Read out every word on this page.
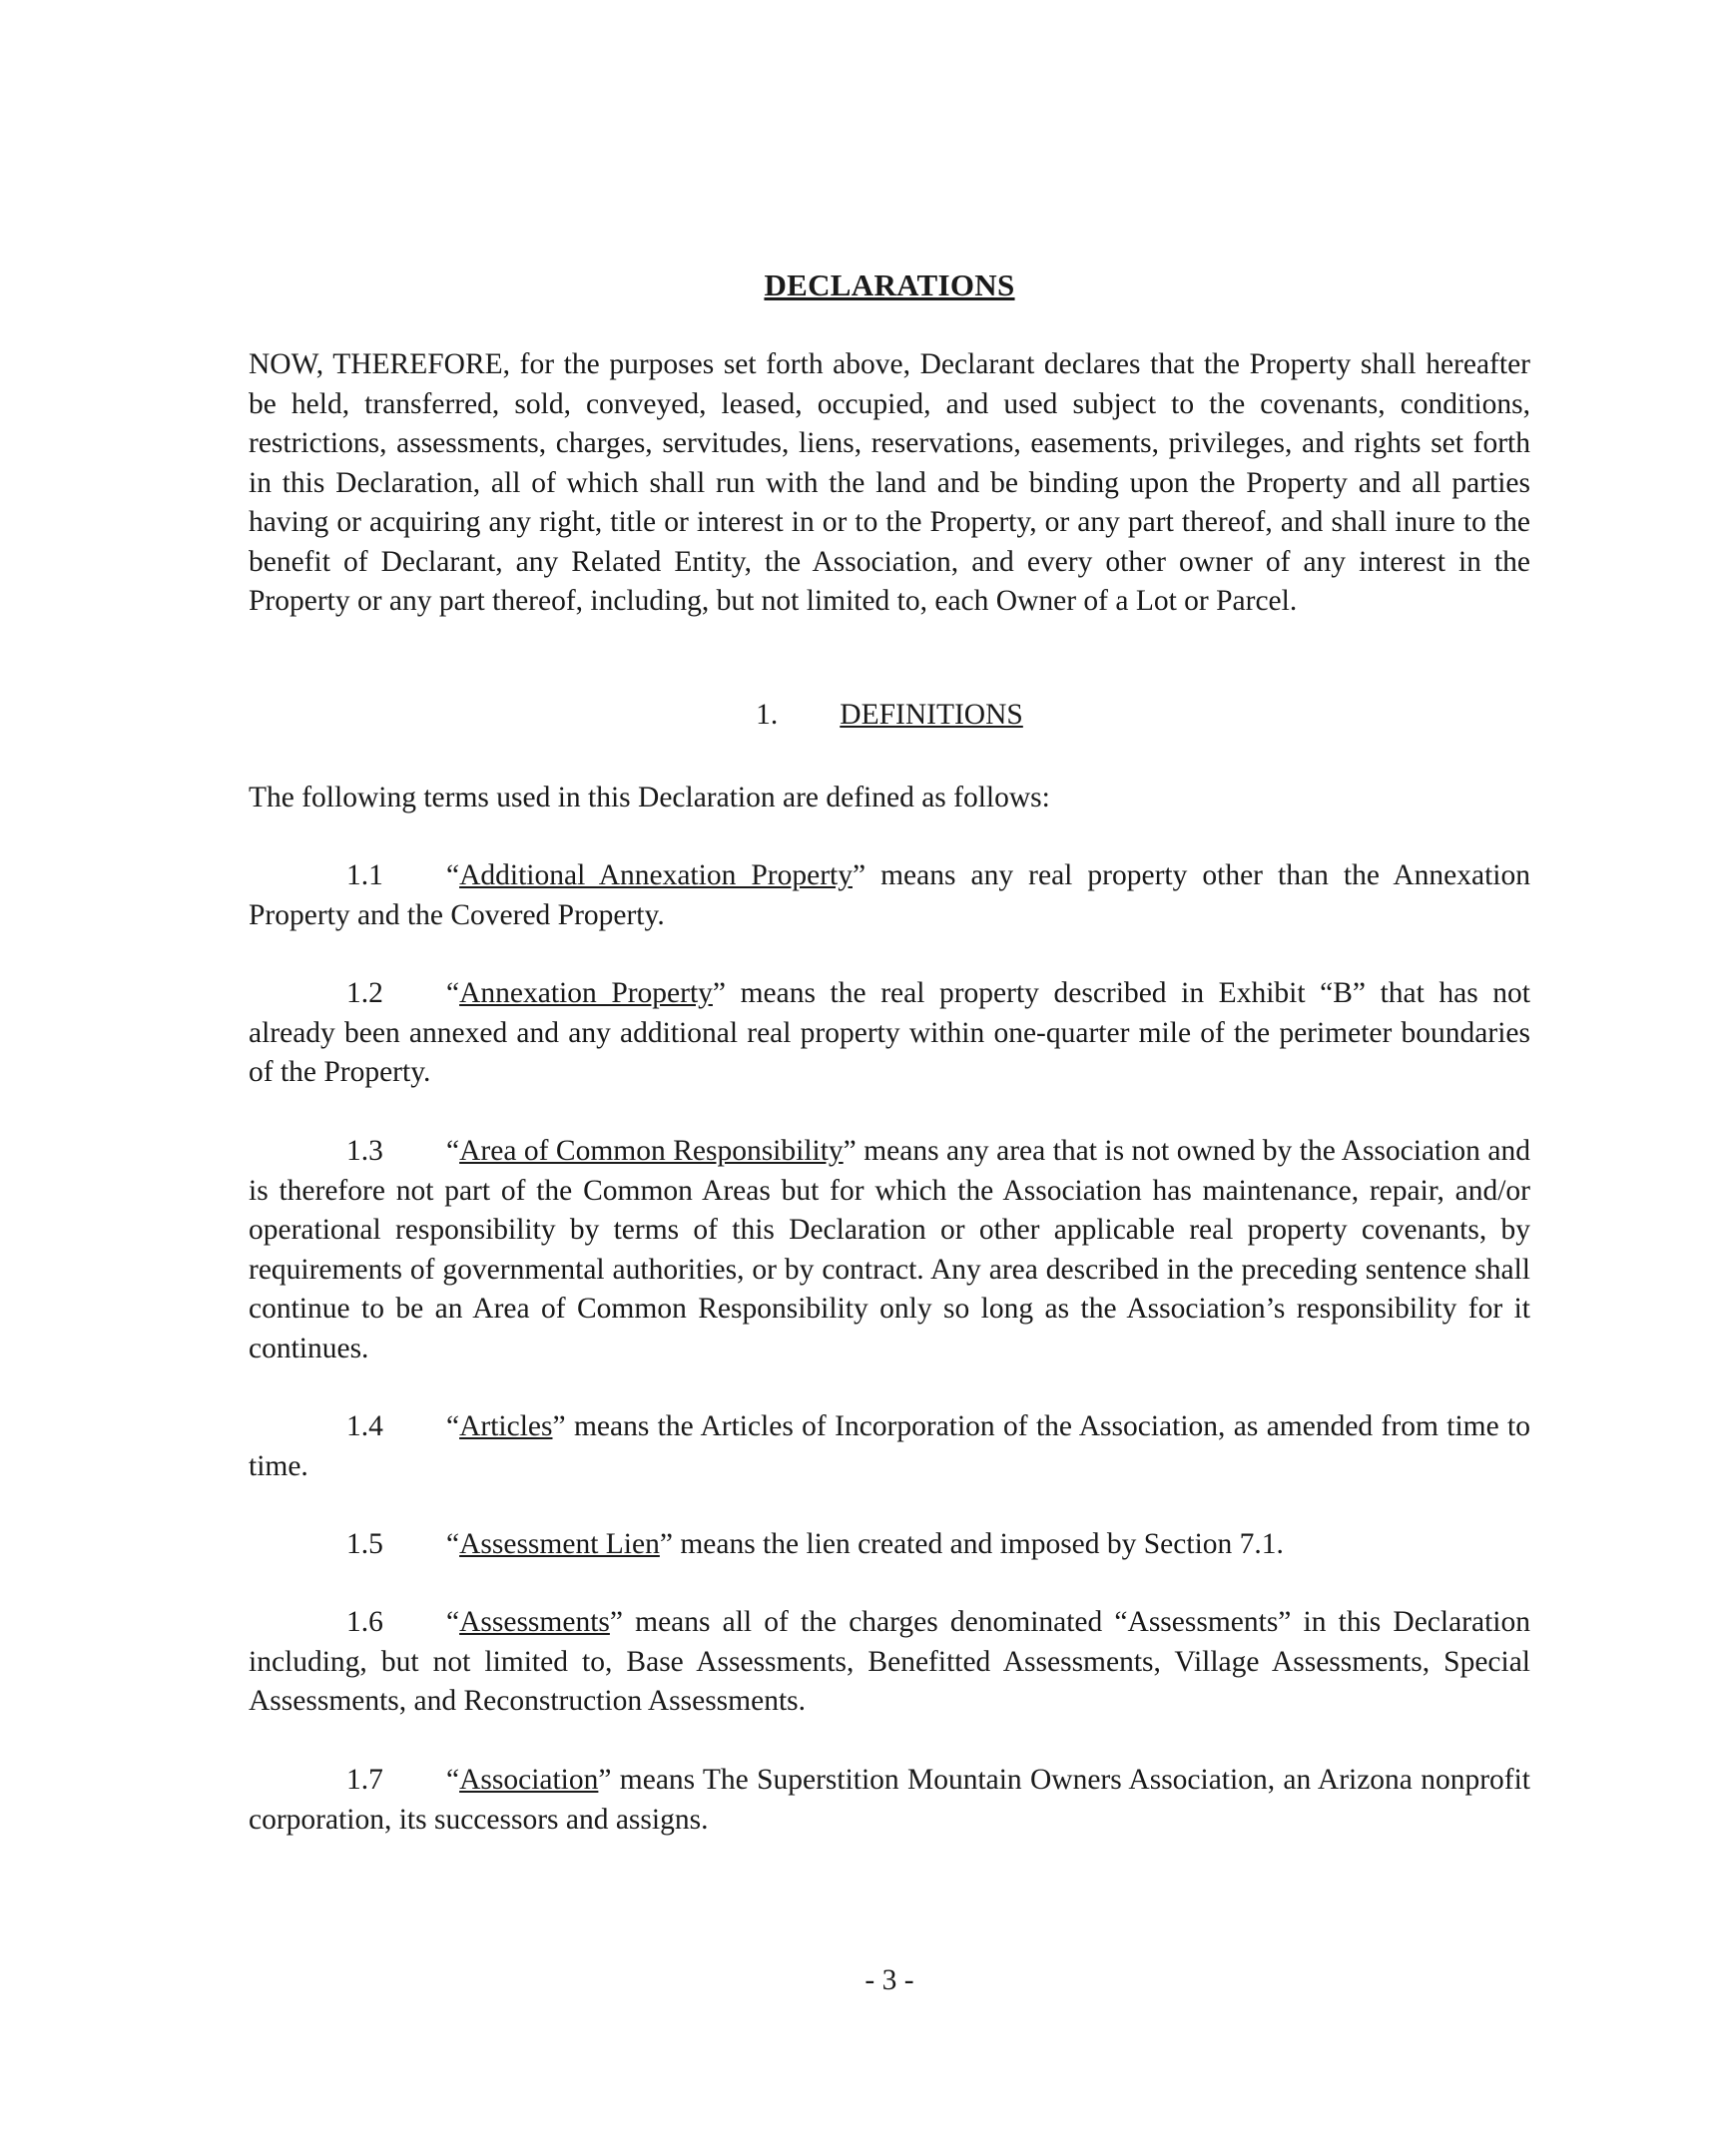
DECLARATIONS

NOW, THEREFORE, for the purposes set forth above, Declarant declares that the Property shall hereafter be held, transferred, sold, conveyed, leased, occupied, and used subject to the covenants, conditions, restrictions, assessments, charges, servitudes, liens, reservations, easements, privileges, and rights set forth in this Declaration, all of which shall run with the land and be binding upon the Property and all parties having or acquiring any right, title or interest in or to the Property, or any part thereof, and shall inure to the benefit of Declarant, any Related Entity, the Association, and every other owner of any interest in the Property or any part thereof, including, but not limited to, each Owner of a Lot or Parcel.

1. DEFINITIONS

The following terms used in this Declaration are defined as follows:

1.1 “Additional Annexation Property” means any real property other than the Annexation Property and the Covered Property.

1.2 “Annexation Property” means the real property described in Exhibit “B” that has not already been annexed and any additional real property within one-quarter mile of the perimeter boundaries of the Property.

1.3 “Area of Common Responsibility” means any area that is not owned by the Association and is therefore not part of the Common Areas but for which the Association has maintenance, repair, and/or operational responsibility by terms of this Declaration or other applicable real property covenants, by requirements of governmental authorities, or by contract. Any area described in the preceding sentence shall continue to be an Area of Common Responsibility only so long as the Association’s responsibility for it continues.

1.4 “Articles” means the Articles of Incorporation of the Association, as amended from time to time.

1.5 “Assessment Lien” means the lien created and imposed by Section 7.1.

1.6 “Assessments” means all of the charges denominated “Assessments” in this Declaration including, but not limited to, Base Assessments, Benefitted Assessments, Village Assessments, Special Assessments, and Reconstruction Assessments.

1.7 “Association” means The Superstition Mountain Owners Association, an Arizona nonprofit corporation, its successors and assigns.

- 3 -
